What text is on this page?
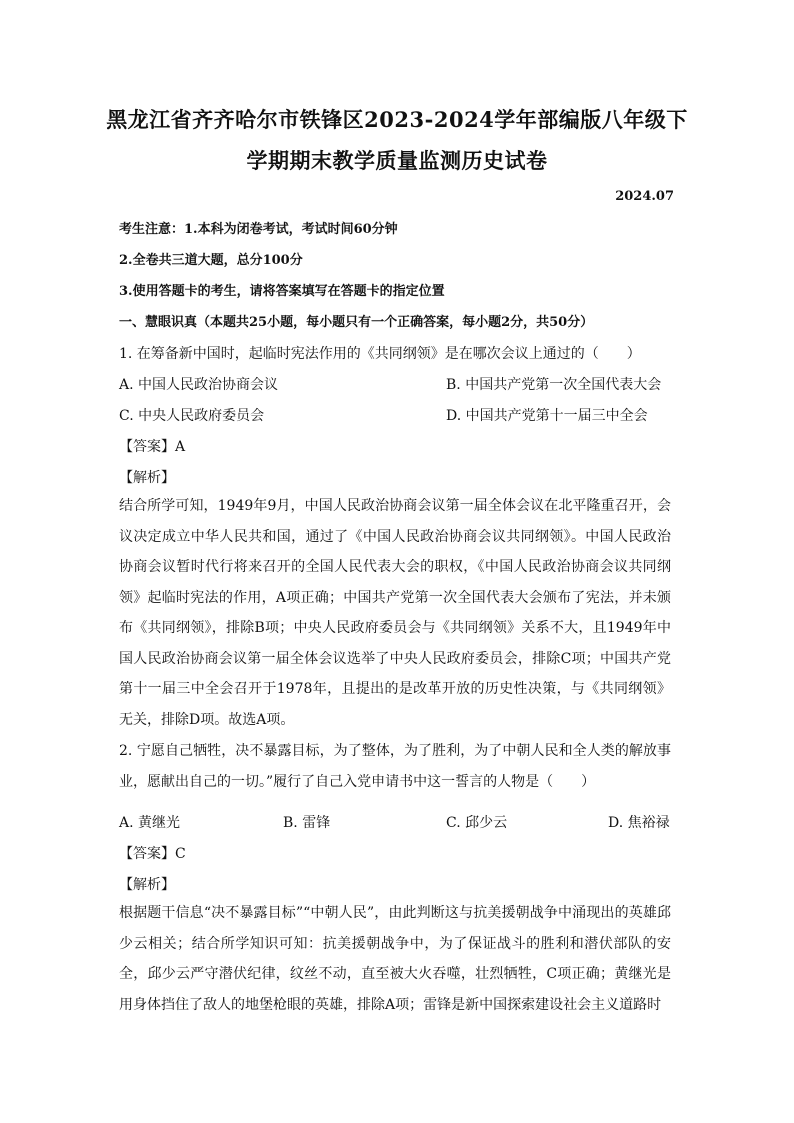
黑龙江省齐齐哈尔市铁锋区2023-2024学年部编版八年级下
学期期末教学质量监测历史试卷
2024.07
考生注意：1.本科为闭卷考试，考试时间60分钟
2.全卷共三道大题，总分100分
3.使用答题卡的考生，请将答案填写在答题卡的指定位置
一、慧眼识真（本题共25小题，每小题只有一个正确答案，每小题2分，共50分）
1. 在筹备新中国时，起临时宪法作用的《共同纲领》是在哪次会议上通过的（　　）
A. 中国人民政治协商会议	B. 中国共产党第一次全国代表大会
C. 中央人民政府委员会	D. 中国共产党第十一届三中全会
【答案】A
【解析】
结合所学可知，1949年9月，中国人民政治协商会议第一届全体会议在北平隆重召开，会议决定成立中华人民共和国，通过了《中国人民政治协商会议共同纲领》。中国人民政治协商会议暂时代行将来召开的全国人民代表大会的职权，《中国人民政治协商会议共同纲领》起临时宪法的作用，A项正确；中国共产党第一次全国代表大会颁布了宪法，并未颁布《共同纲领》，排除B项；中央人民政府委员会与《共同纲领》关系不大，且1949年中国人民政治协商会议第一届全体会议选举了中央人民政府委员会，排除C项；中国共产党第十一届三中全会召开于1978年，且提出的是改革开放的历史性决策，与《共同纲领》无关，排除D项。故选A项。
2. 宁愿自己牺牲，决不暴露目标，为了整体，为了胜利，为了中朝人民和全人类的解放事业，愿献出自己的一切。”履行了自己入党申请书中这一誓言的人物是（　　）
A. 黄继光	B. 雷锋	C. 邱少云	D. 焦裕禄
【答案】C
【解析】
根据题干信息“决不暴露目标”“中朝人民”，由此判断这与抗美援朝战争中涌现出的英雄邱少云相关；结合所学知识可知：抗美援朝战争中，为了保证战斗的胜利和潜伏部队的安全，邱少云严守潜伏纪律，纹丝不动，直至被大火吞噬，壮烈牺牲，C项正确；黄继光是用身体挡住了敌人的地堡枪眼的英雄，排除A项；雷锋是新中国探索建设社会主义道路时
